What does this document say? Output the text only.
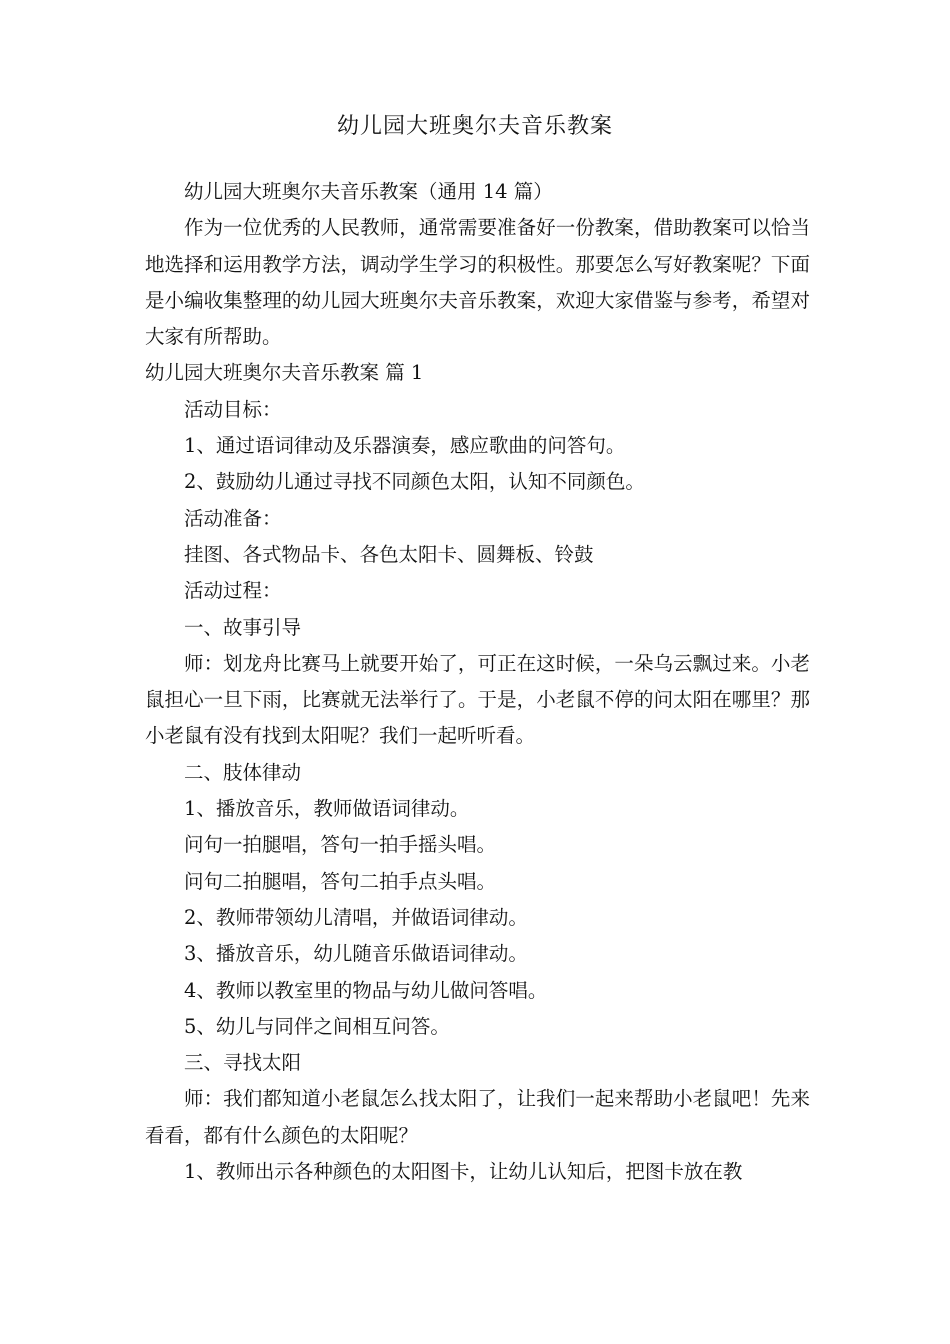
幼儿园大班奥尔夫音乐教案

幼儿园大班奥尔夫音乐教案（通用 14 篇）

作为一位优秀的人民教师，通常需要准备好一份教案，借助教案可以恰当地选择和运用教学方法，调动学生学习的积极性。那要怎么写好教案呢？下面是小编收集整理的幼儿园大班奥尔夫音乐教案，欢迎大家借鉴与参考，希望对大家有所帮助。

幼儿园大班奥尔夫音乐教案 篇 1

活动目标：

1、通过语词律动及乐器演奏，感应歌曲的问答句。

2、鼓励幼儿通过寻找不同颜色太阳，认知不同颜色。

活动准备：

挂图、各式物品卡、各色太阳卡、圆舞板、铃鼓

活动过程：

一、故事引导

师：划龙舟比赛马上就要开始了，可正在这时候，一朵乌云飘过来。小老鼠担心一旦下雨，比赛就无法举行了。于是，小老鼠不停的问太阳在哪里？那小老鼠有没有找到太阳呢？我们一起听听看。

二、肢体律动

1、播放音乐，教师做语词律动。

问句一拍腿唱，答句一拍手摇头唱。

问句二拍腿唱，答句二拍手点头唱。

2、教师带领幼儿清唱，并做语词律动。

3、播放音乐，幼儿随音乐做语词律动。

4、教师以教室里的物品与幼儿做问答唱。

5、幼儿与同伴之间相互问答。

三、寻找太阳

师：我们都知道小老鼠怎么找太阳了，让我们一起来帮助小老鼠吧！先来看看，都有什么颜色的太阳呢？

1、教师出示各种颜色的太阳图卡，让幼儿认知后，把图卡放在教
